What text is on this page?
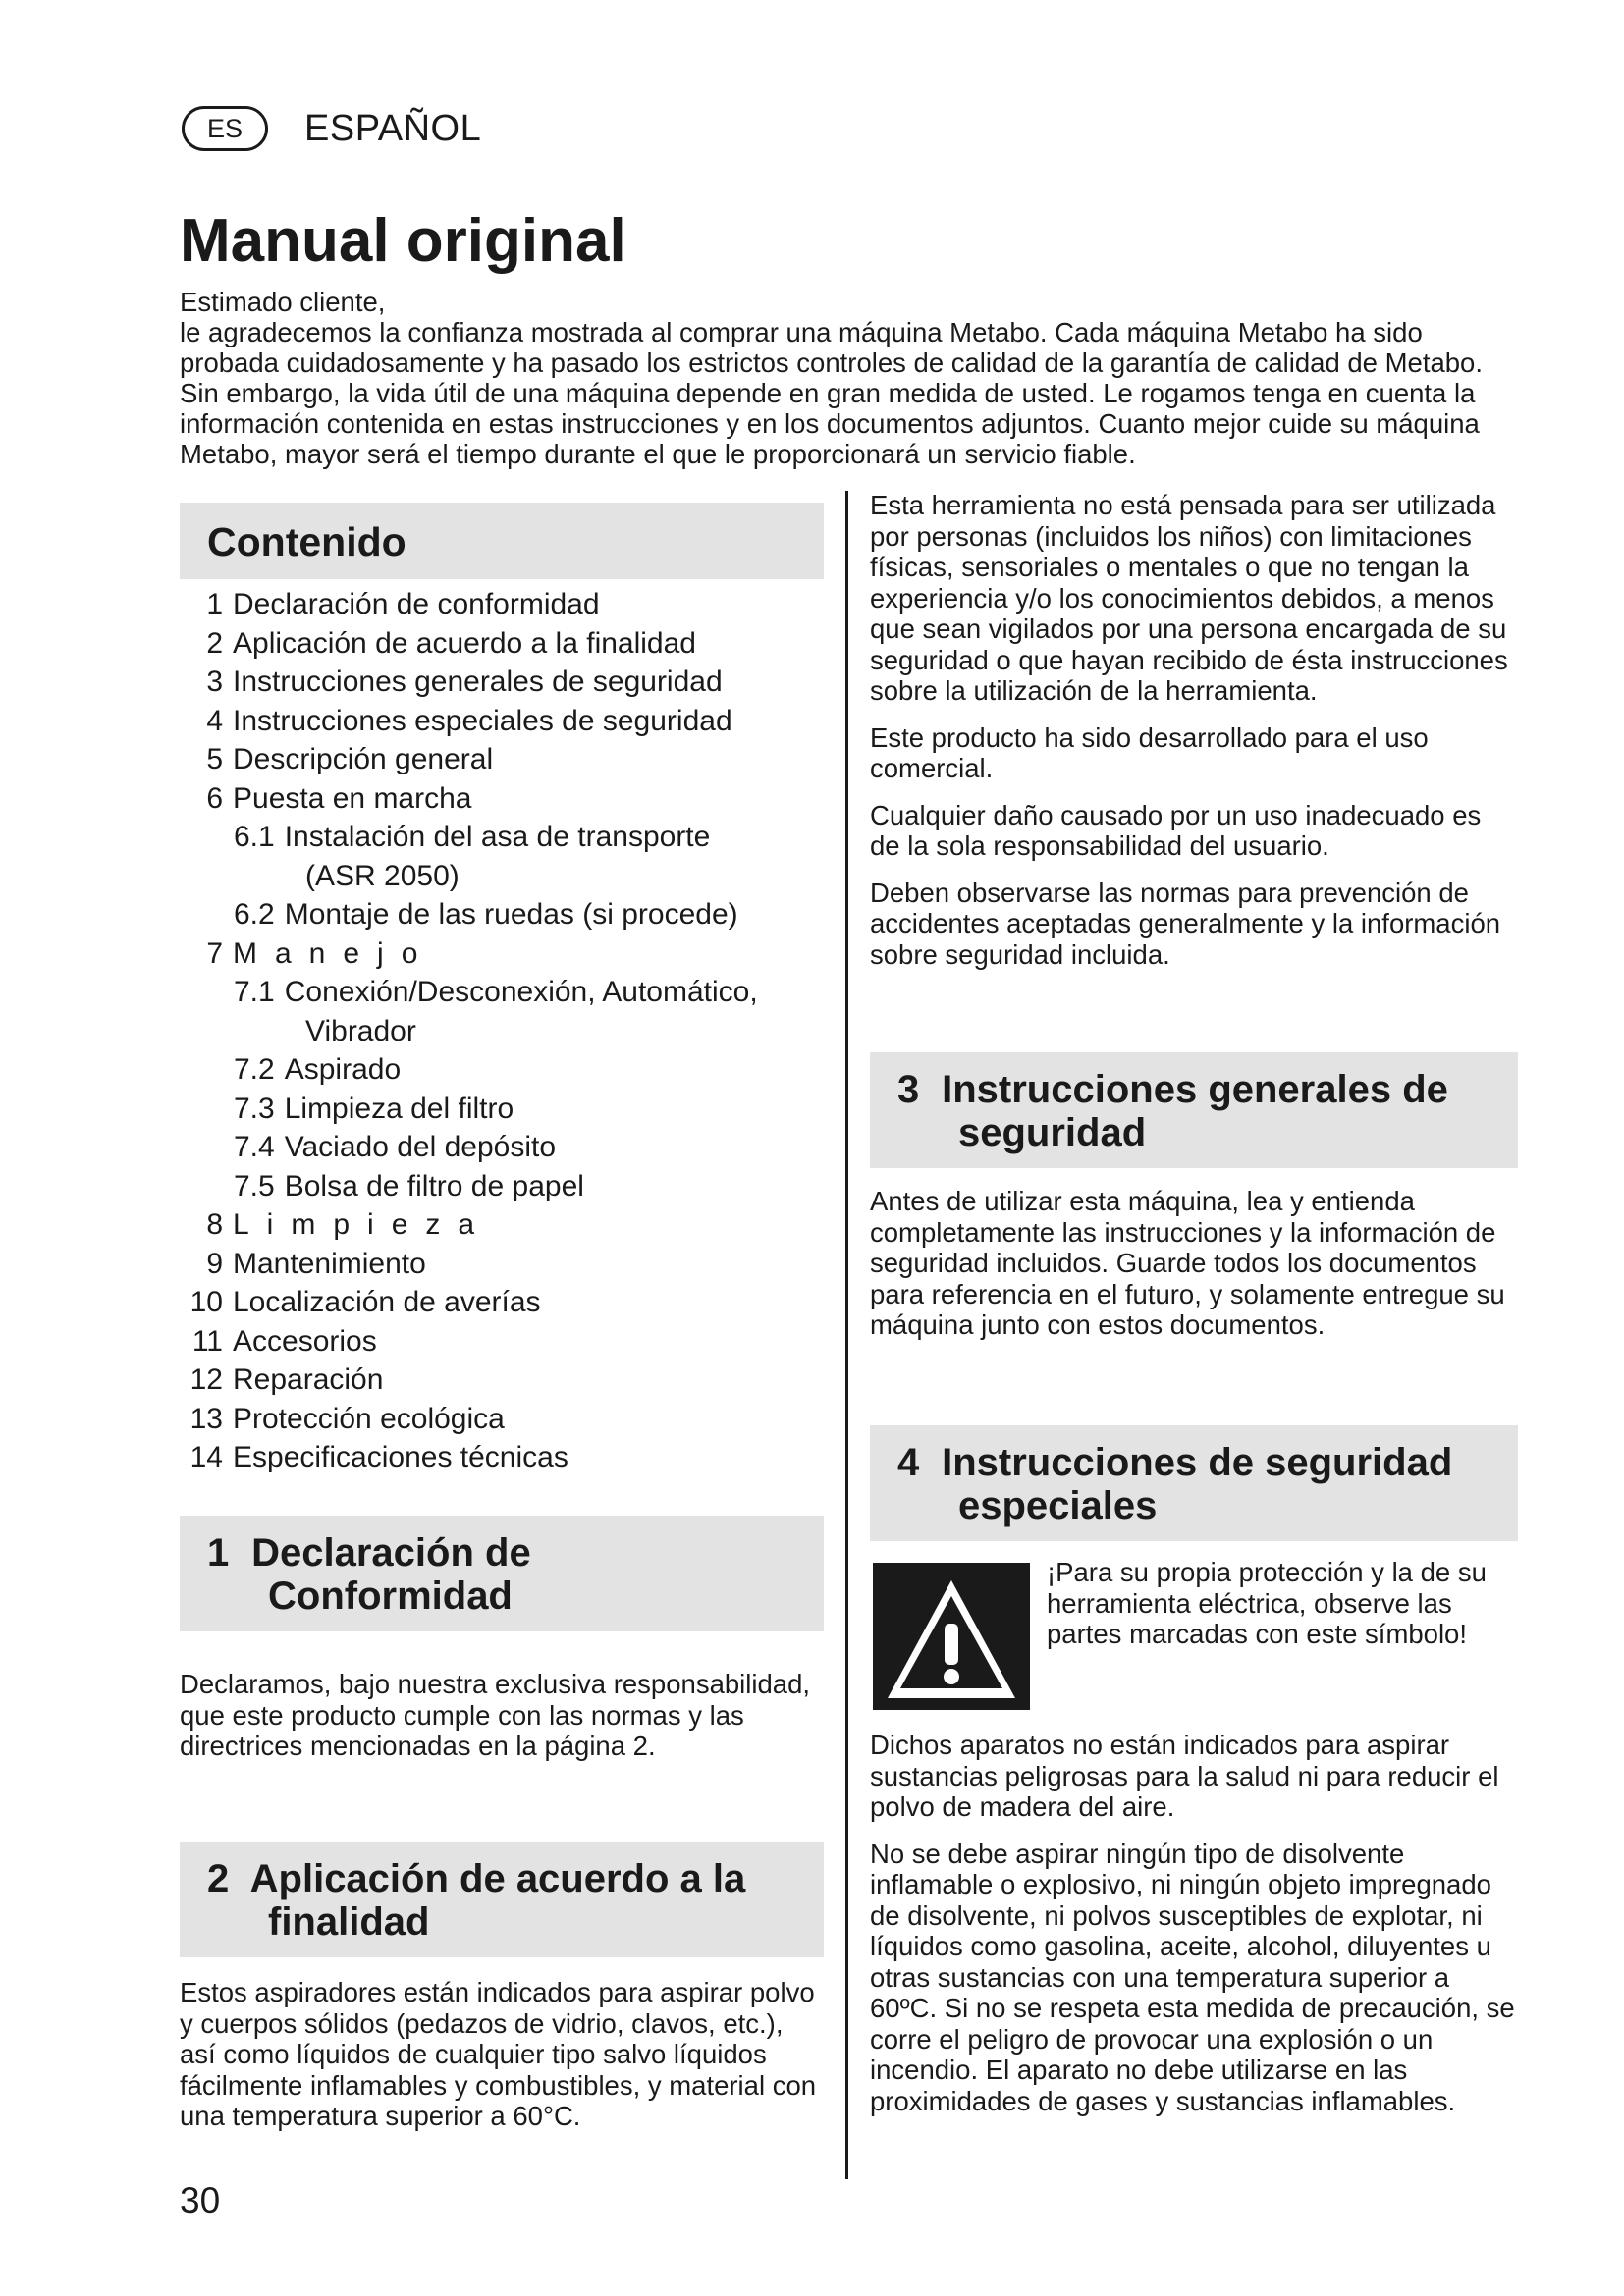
ES	ESPAÑOL
Manual original

Estimado cliente,

le agradecemos la confianza mostrada al comprar una máquina Metabo. Cada máquina Metabo ha sido probada cuidadosamente y ha pasado los estrictos controles de calidad de la garantía de calidad de Metabo. Sin embargo, la vida útil de una máquina depende en gran medida de usted. Le rogamos tenga en cuenta la información contenida en estas instrucciones y en los documentos adjuntos. Cuanto mejor cuide su máquina Metabo, mayor será el tiempo durante el que le proporcionará un servicio fiable.

Contenido
1 Declaración de conformidad
2 Aplicación de acuerdo a la finalidad
3 Instrucciones generales de seguridad
4 Instrucciones especiales de seguridad
5 Descripción general
6 Puesta en marcha
6.1 Instalación del asa de transporte
(ASR 2050)
6.2 Montaje de las ruedas (si procede)
7 Manejo
7.1 Conexión/Desconexión, Automático,
Vibrador
7.2 Aspirado
7.3 Limpieza del filtro
7.4 Vaciado del depósito
7.5 Bolsa de filtro de papel
8 Limpieza
9 Mantenimiento
10 Localización de averías
11 Accesorios
12 Reparación
13 Protección ecológica
14 Especificaciones técnicas
1 Declaración de
Conformidad

Declaramos, bajo nuestra exclusiva responsabilidad, que este producto cumple con las normas y las directrices mencionadas en la página 2.

2 Aplicación de acuerdo a la
finalidad

Estos aspiradores están indicados para aspirar polvo y cuerpos sólidos (pedazos de vidrio, clavos, etc.), así como líquidos de cualquier tipo salvo líquidos fácilmente inflamables y combustibles, y material con una temperatura superior a 60°C.

30

Esta herramienta no está pensada para ser utilizada por personas (incluidos los niños) con limitaciones físicas, sensoriales o mentales o que no tengan la experiencia y/o los conocimientos debidos, a menos que sean vigilados por una persona encargada de su seguridad o que hayan recibido de ésta instrucciones sobre la utilización de la herramienta.

Este producto ha sido desarrollado para el uso comercial.

Cualquier daño causado por un uso inadecuado es de la sola responsabilidad del usuario.

Deben observarse las normas para prevención de accidentes aceptadas generalmente y la información sobre seguridad incluida.

3 Instrucciones generales de
seguridad

Antes de utilizar esta máquina, lea y entienda completamente las instrucciones y la información de seguridad incluidos. Guarde todos los documentos para referencia en el futuro, y solamente entregue su máquina junto con estos documentos.

4 Instrucciones de seguridad
especiales
¡Para su propia protección y la de su herramienta eléctrica, observe las partes marcadas con este símbolo!

Dichos aparatos no están indicados para aspirar sustancias peligrosas para la salud ni para reducir el polvo de madera del aire.

No se debe aspirar ningún tipo de disolvente inflamable o explosivo, ni ningún objeto impregnado de disolvente, ni polvos susceptibles de explotar, ni líquidos como gasolina, aceite, alcohol, diluyentes u otras sustancias con una temperatura superior a 60ºC. Si no se respeta esta medida de precaución, se corre el peligro de provocar una explosión o un incendio. El aparato no debe utilizarse en las proximidades de gases y sustancias inflamables.
